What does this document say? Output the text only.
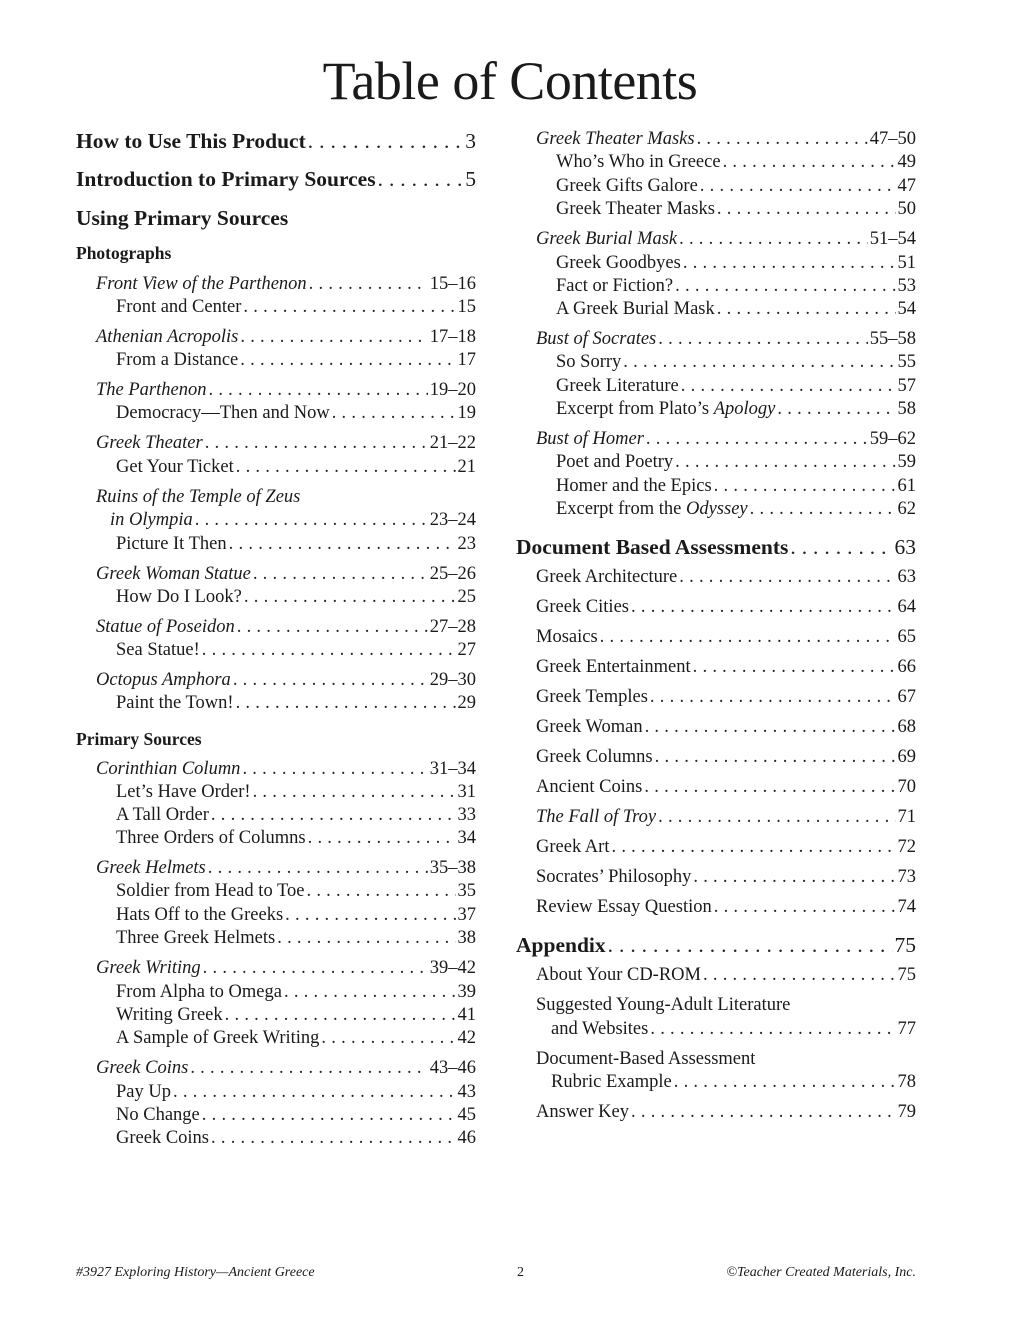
Table of Contents
How to Use This Product . . .	3
Introduction to Primary Sources . . .	5
Using Primary Sources
Photographs
Front View of the Parthenon . . .	15–16
Front and Center . . .	15
Athenian Acropolis . . .	17–18
From a Distance . . .	17
The Parthenon . . .	19–20
Democracy—Then and Now . . .	19
Greek Theater . . .	21–22
Get Your Ticket . . .	21
Ruins of the Temple of Zeus
in Olympia . . .	23–24
Picture It Then . . .	23
Greek Woman Statue . . .	25–26
How Do I Look? . . .	25
Statue of Poseidon . . .	27–28
Sea Statue! . . .	27
Octopus Amphora . . .	29–30
Paint the Town! . . .	29
Primary Sources
Corinthian Column . . .	31–34
Let’s Have Order! . . .	31
A Tall Order . . .	33
Three Orders of Columns . . .	34
Greek Helmets . . .	35–38
Soldier from Head to Toe . . .	35
Hats Off to the Greeks . . .	37
Three Greek Helmets . . .	38
Greek Writing . . .	39–42
From Alpha to Omega . . .	39
Writing Greek . . .	41
A Sample of Greek Writing . . .	42
Greek Coins . . .	43–46
Pay Up . . .	43
No Change . . .	45
Greek Coins . . .	46
Greek Theater Masks . . .	47–50
Who’s Who in Greece . . .	49
Greek Gifts Galore . . .	47
Greek Theater Masks . . .	50
Greek Burial Mask . . .	51–54
Greek Goodbyes . . .	51
Fact or Fiction? . . .	53
A Greek Burial Mask . . .	54
Bust of Socrates . . .	55–58
So Sorry . . .	55
Greek Literature . . .	57
Excerpt from Plato’s Apology . . .	58
Bust of Homer . . .	59–62
Poet and Poetry . . .	59
Homer and the Epics . . .	61
Excerpt from the Odyssey . . .	62
Document Based Assessments . . .	63
Greek Architecture . . .	63
Greek Cities . . .	64
Mosaics . . .	65
Greek Entertainment . . .	66
Greek Temples . . .	67
Greek Woman . . .	68
Greek Columns . . .	69
Ancient Coins . . .	70
The Fall of Troy . . .	71
Greek Art . . .	72
Socrates’ Philosophy . . .	73
Review Essay Question . . .	74
Appendix . . .	75
About Your CD-ROM . . .	75
Suggested Young-Adult Literature
and Websites . . .	77
Document-Based Assessment
Rubric Example . . .	78
Answer Key . . .	79
#3927 Exploring History—Ancient Greece	2	©Teacher Created Materials, Inc.
